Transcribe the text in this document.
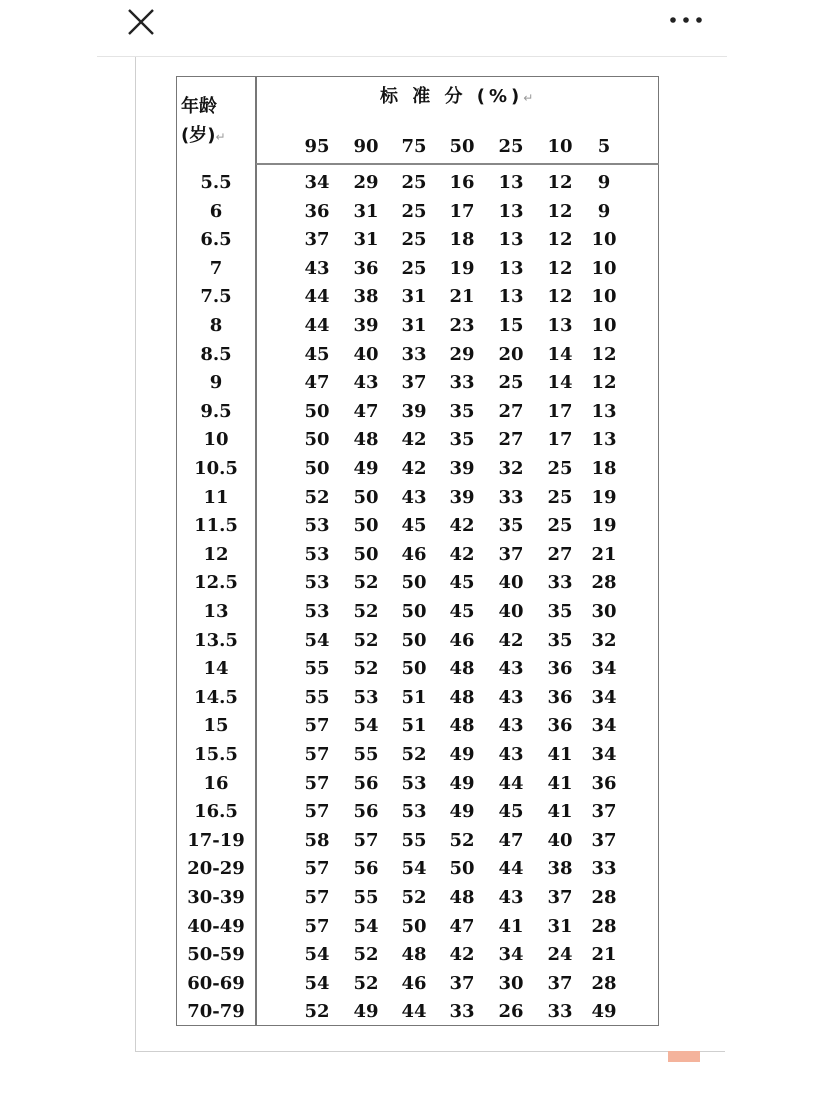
年龄
(岁)↵
标 准 分 (%)↵
95	90	75	50	25	10	5
5.5	34	29	25	16	13	12	9
6	36	31	25	17	13	12	9
6.5	37	31	25	18	13	12	10
7	43	36	25	19	13	12	10
7.5	44	38	31	21	13	12	10
8	44	39	31	23	15	13	10
8.5	45	40	33	29	20	14	12
9	47	43	37	33	25	14	12
9.5	50	47	39	35	27	17	13
10	50	48	42	35	27	17	13
10.5	50	49	42	39	32	25	18
11	52	50	43	39	33	25	19
11.5	53	50	45	42	35	25	19
12	53	50	46	42	37	27	21
12.5	53	52	50	45	40	33	28
13	53	52	50	45	40	35	30
13.5	54	52	50	46	42	35	32
14	55	52	50	48	43	36	34
14.5	55	53	51	48	43	36	34
15	57	54	51	48	43	36	34
15.5	57	55	52	49	43	41	34
16	57	56	53	49	44	41	36
16.5	57	56	53	49	45	41	37
17-19	58	57	55	52	47	40	37
20-29	57	56	54	50	44	38	33
30-39	57	55	52	48	43	37	28
40-49	57	54	50	47	41	31	28
50-59	54	52	48	42	34	24	21
60-69	54	52	46	37	30	37	28
70-79	52	49	44	33	26	33	49
